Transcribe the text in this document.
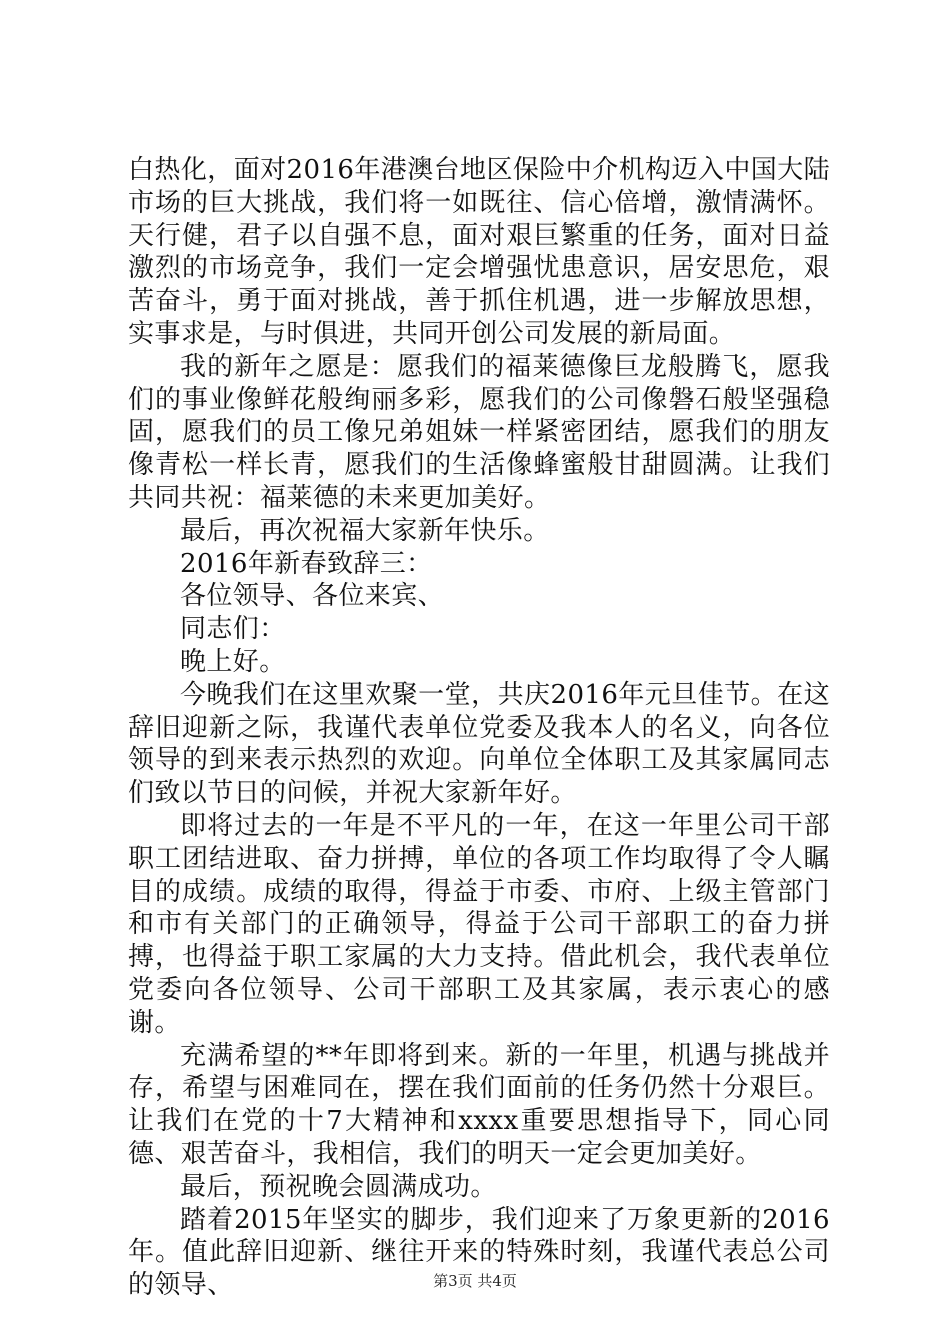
白热化，面对2016年港澳台地区保险中介机构迈入中国大陆市场的巨大挑战，我们将一如既往、信心倍增，激情满怀。天行健，君子以自强不息，面对艰巨繁重的任务，面对日益激烈的市场竞争，我们一定会增强忧患意识，居安思危，艰苦奋斗，勇于面对挑战，善于抓住机遇，进一步解放思想，实事求是，与时俱进，共同开创公司发展的新局面。

我的新年之愿是：愿我们的福莱德像巨龙般腾飞，愿我们的事业像鲜花般绚丽多彩，愿我们的公司像磐石般坚强稳固，愿我们的员工像兄弟姐妹一样紧密团结，愿我们的朋友像青松一样长青，愿我们的生活像蜂蜜般甘甜圆满。让我们共同共祝：福莱德的未来更加美好。

最后，再次祝福大家新年快乐。

2016年新春致辞三：

各位领导、各位来宾、

同志们：

晚上好。

今晚我们在这里欢聚一堂，共庆2016年元旦佳节。在这辞旧迎新之际，我谨代表单位党委及我本人的名义，向各位领导的到来表示热烈的欢迎。向单位全体职工及其家属同志们致以节日的问候，并祝大家新年好。

即将过去的一年是不平凡的一年，在这一年里公司干部职工团结进取、奋力拼搏，单位的各项工作均取得了令人瞩目的成绩。成绩的取得，得益于市委、市府、上级主管部门和市有关部门的正确领导，得益于公司干部职工的奋力拼搏，也得益于职工家属的大力支持。借此机会，我代表单位党委向各位领导、公司干部职工及其家属，表示衷心的感谢。

充满希望的**年即将到来。新的一年里，机遇与挑战并存，希望与困难同在，摆在我们面前的任务仍然十分艰巨。让我们在党的十7大精神和xxxx重要思想指导下，同心同德、艰苦奋斗，我相信，我们的明天一定会更加美好。

最后，预祝晚会圆满成功。

踏着2015年坚实的脚步，我们迎来了万象更新的2016年。值此辞旧迎新、继往开来的特殊时刻，我谨代表总公司的领导、	第3页 共4页
